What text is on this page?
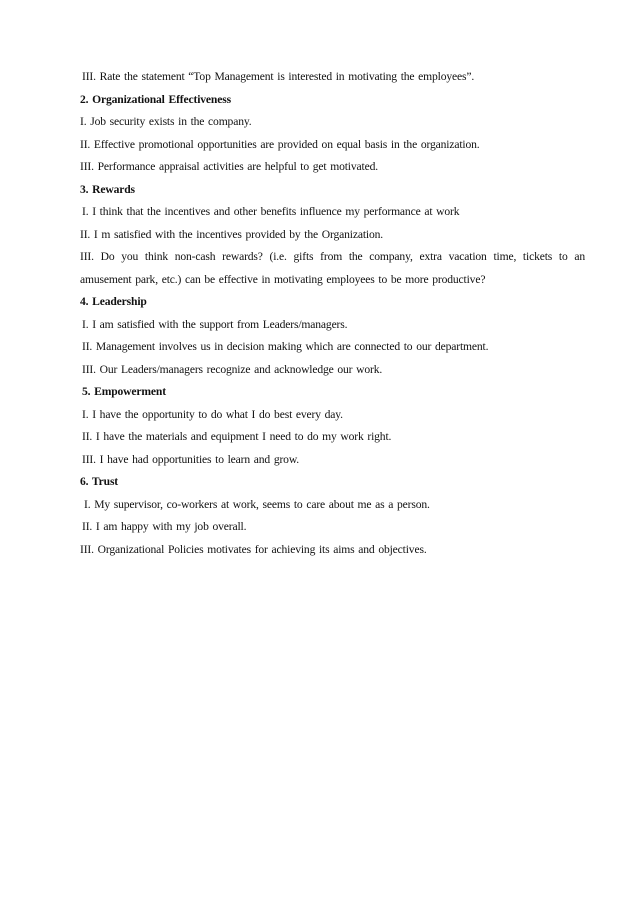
III. Rate the statement “Top Management is interested in motivating the employees”.
2. Organizational Effectiveness
I. Job security exists in the company.
II. Effective promotional opportunities are provided on equal basis in the organization.
III. Performance appraisal activities are helpful to get motivated.
3. Rewards
I. I think that the incentives and other benefits influence my performance at work
II. I m satisfied with the incentives provided by the Organization.
III. Do you think non-cash rewards? (i.e. gifts from the company, extra vacation time, tickets to an amusement park, etc.) can be effective in motivating employees to be more productive?
4. Leadership
I. I am satisfied with the support from Leaders/managers.
II. Management involves us in decision making which are connected to our department.
III. Our Leaders/managers recognize and acknowledge our work.
5. Empowerment
I. I have the opportunity to do what I do best every day.
II. I have the materials and equipment I need to do my work right.
III. I have had opportunities to learn and grow.
6. Trust
I. My supervisor, co-workers at work, seems to care about me as a person.
II. I am happy with my job overall.
III. Organizational Policies motivates for achieving its aims and objectives.
